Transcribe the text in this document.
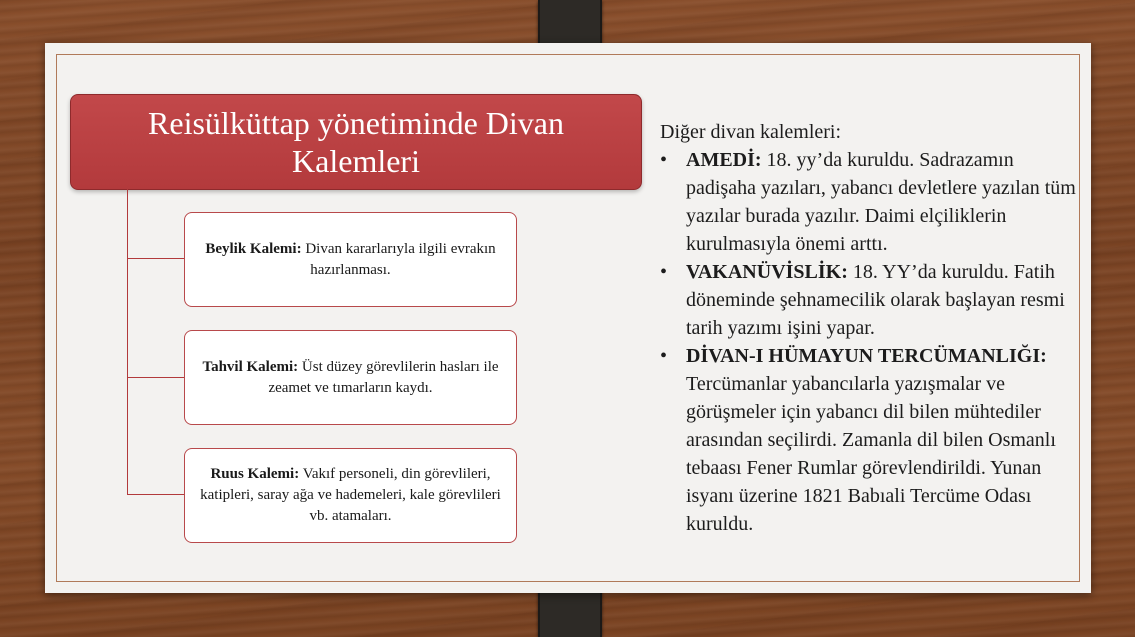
Reisülküttap yönetiminde Divan Kalemleri
Beylik Kalemi: Divan kararlarıyla ilgili evrakın hazırlanması.
Tahvil Kalemi: Üst düzey görevlilerin hasları ile zeamet ve tımarların kaydı.
Ruus Kalemi: Vakıf personeli, din görevlileri, katipleri, saray ağa ve hademeleri, kale görevlileri vb. atamaları.
Diğer divan kalemleri:
• AMEDİ: 18. yy’da kuruldu. Sadrazamın padişaha yazıları, yabancı devletlere yazılan tüm yazılar burada yazılır. Daimi elçiliklerin kurulmasıyla önemi arttı.
• VAKANÜVİSLİK: 18. YY’da kuruldu. Fatih döneminde şehnamecilik olarak başlayan resmi tarih yazımı işini yapar.
• DİVAN-I HÜMAYUN TERCÜMANLIĞI: Tercümanlar yabancılarla yazışmalar ve görüşmeler için yabancı dil bilen mühtediler arasından seçilirdi. Zamanla dil bilen Osmanlı tebaası Fener Rumlar görevlendirildi. Yunan isyanı üzerine 1821 Babıali Tercüme Odası kuruldu.
